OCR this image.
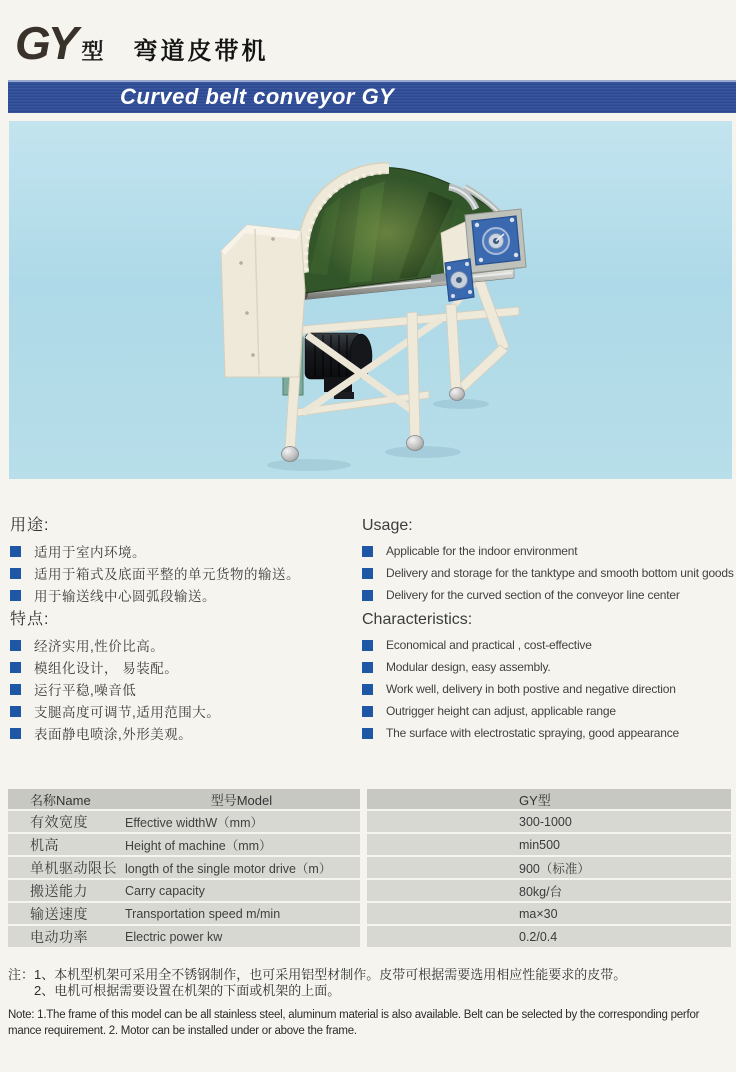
GY 型 弯道皮带机
Curved belt conveyor GY
用途:
适用于室内环境。
适用于箱式及底面平整的单元货物的输送。
用于输送线中心圆弧段输送。
特点:
经济实用,性价比高。
模组化设计， 易装配。
运行平稳,噪音低
支腿高度可调节,适用范围大。
表面静电喷涂,外形美观。
Usage:
Applicable for the indoor environment
Delivery and storage for the tanktype and smooth bottom unit goods
Delivery for the curved section of the conveyor line center
Characteristics:
Economical and practical , cost-effective
Modular design, easy assembly.
Work well, delivery in both postive and negative direction
Outrigger height can adjust, applicable range
The surface with electrostatic spraying, good appearance
名称Name	型号Model	GY型
有效宽度	Effective widthW（mm）	300-1000
机高	Height of machine（mm）	min500
单机驱动限长 longth of the single motor drive（m）	900（标准）
搬送能力	Carry capacity	80kg/台
输送速度	Transportation speed m/min	ma×30
电动功率	Electric power kw	0.2/0.4
注：1、本机型机架可采用全不锈钢制作，也可采用铝型材制作。皮带可根据需要选用相应性能要求的皮带。
2、电机可根据需要设置在机架的下面或机架的上面。
Note: 1.The frame of this model can be all stainless steel, aluminum material is also available. Belt can be selected by the corresponding perfor
mance requirement. 2. Motor can be installed under or above the frame.
